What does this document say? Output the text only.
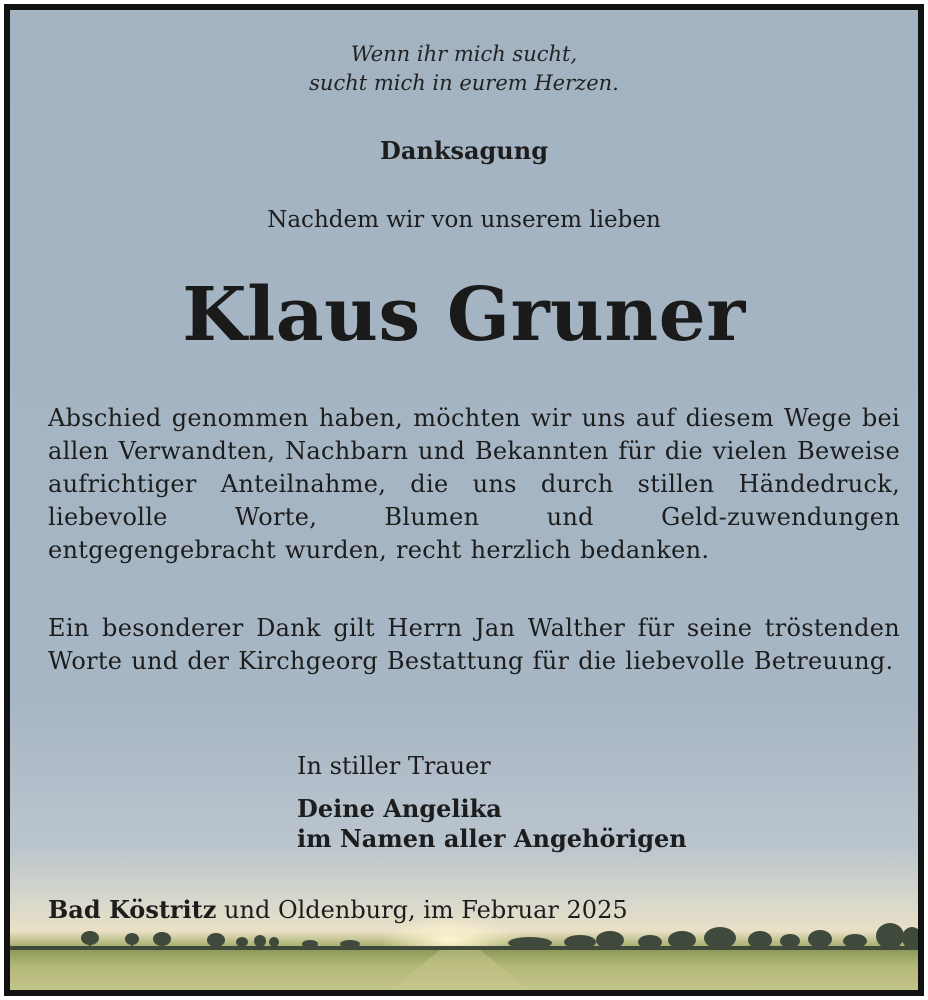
Wenn ihr mich sucht,
sucht mich in eurem Herzen.
Danksagung
Nachdem wir von unserem lieben
Klaus Gruner

Abschied genommen haben, möchten wir uns auf diesem Wege bei allen Verwandten, Nachbarn und Bekannten für die vielen Beweise aufrichtiger Anteilnahme, die uns durch stillen Händedruck, liebevolle Worte, Blumen und Geld-zuwendungen entgegengebracht wurden, recht herzlich bedanken.

Ein besonderer Dank gilt Herrn Jan Walther für seine tröstenden Worte und der Kirchgeorg Bestattung für die liebevolle Betreuung.

In stiller Trauer
Deine Angelika
im Namen aller Angehörigen
Bad Köstritz und Oldenburg, im Februar 2025
